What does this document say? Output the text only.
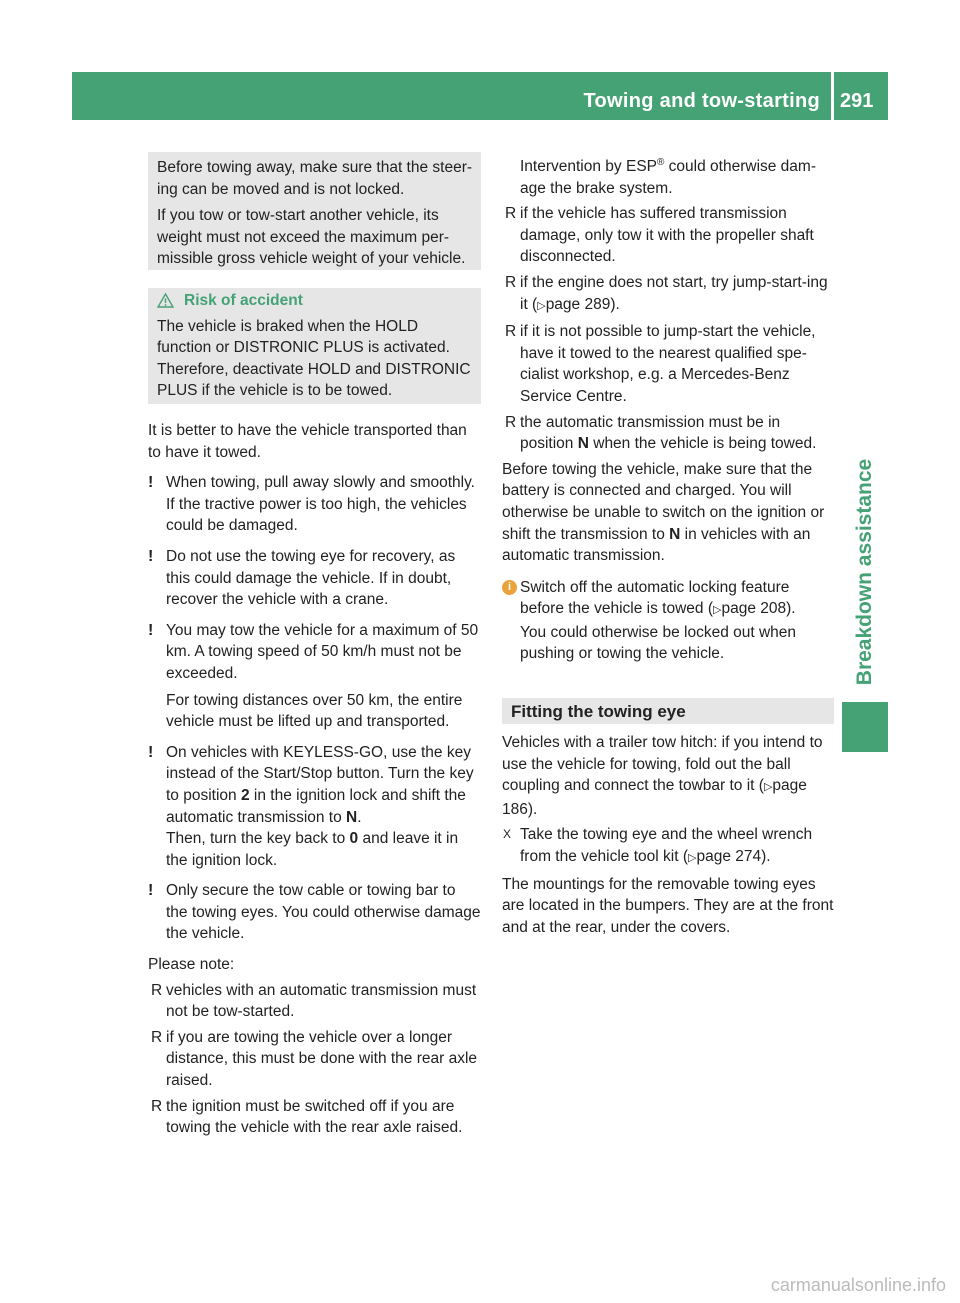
Towing and tow-starting 291
Breakdown assistance

Before towing away, make sure that the steer-ing can be moved and is not locked.

If you tow or tow-start another vehicle, its weight must not exceed the maximum per-missible gross vehicle weight of your vehicle.

Risk of accident

The vehicle is braked when the HOLD function or DISTRONIC PLUS is activated. Therefore, deactivate HOLD and DISTRONIC PLUS if the vehicle is to be towed.

It is better to have the vehicle transported than to have it towed.

! When towing, pull away slowly and smoothly. If the tractive power is too high, the vehicles could be damaged.

! Do not use the towing eye for recovery, as this could damage the vehicle. If in doubt, recover the vehicle with a crane.

! You may tow the vehicle for a maximum of 50 km. A towing speed of 50 km/h must not be exceeded.

For towing distances over 50 km, the entire vehicle must be lifted up and transported.

! On vehicles with KEYLESS-GO, use the key instead of the Start/Stop button. Turn the key to position 2 in the ignition lock and shift the automatic transmission to N.

Then, turn the key back to 0 and leave it in the ignition lock.

! Only secure the tow cable or towing bar to the towing eyes. You could otherwise damage the vehicle.

Please note:

R vehicles with an automatic transmission must not be tow-started.

R if you are towing the vehicle over a longer distance, this must be done with the rear axle raised.

R the ignition must be switched off if you are towing the vehicle with the rear axle raised.

Intervention by ESP® could otherwise dam-age the brake system.

R if the vehicle has suffered transmission damage, only tow it with the propeller shaft disconnected.

R if the engine does not start, try jump-start-ing it (▷page 289).

R if it is not possible to jump-start the vehicle, have it towed to the nearest qualified spe-cialist workshop, e.g. a Mercedes-Benz Service Centre.

R the automatic transmission must be in position N when the vehicle is being towed.

Before towing the vehicle, make sure that the battery is connected and charged. You will otherwise be unable to switch on the ignition or shift the transmission to N in vehicles with an automatic transmission.

i Switch off the automatic locking feature before the vehicle is towed (▷page 208).

You could otherwise be locked out when pushing or towing the vehicle.

Fitting the towing eye

Vehicles with a trailer tow hitch: if you intend to use the vehicle for towing, fold out the ball coupling and connect the towbar to it (▷page 186).

X Take the towing eye and the wheel wrench from the vehicle tool kit (▷page 274).

The mountings for the removable towing eyes are located in the bumpers. They are at the front and at the rear, under the covers.

carmanualsonline.info
